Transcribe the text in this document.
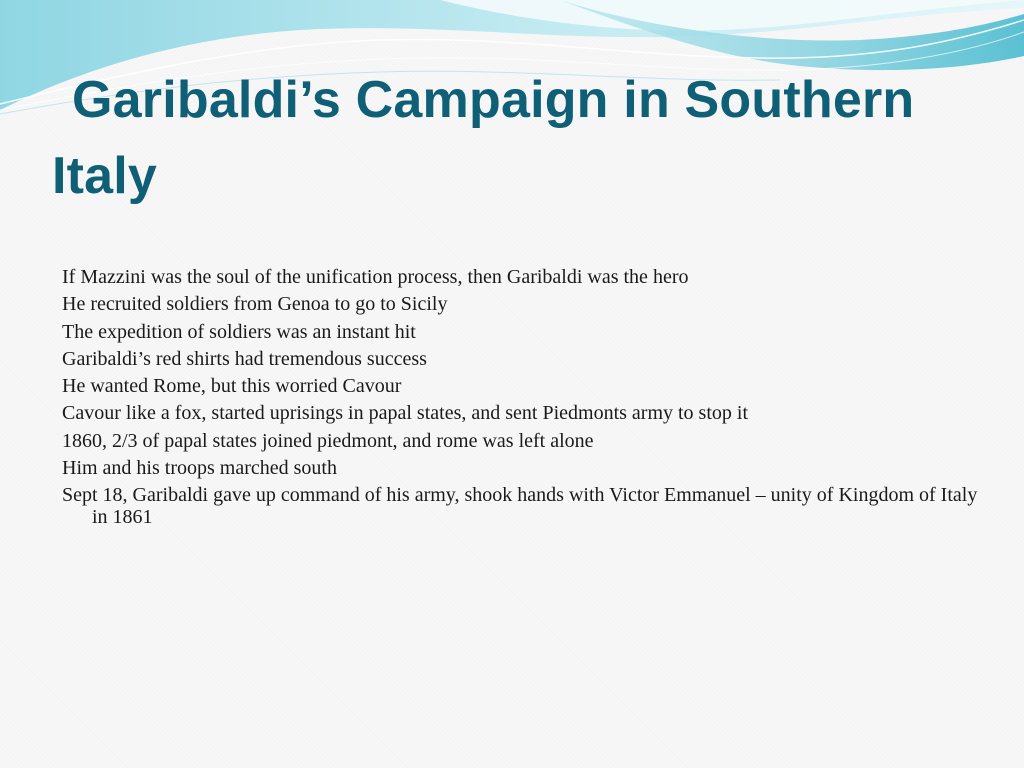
Garibaldi’s Campaign in Southern Italy
If Mazzini was the soul of the unification process, then Garibaldi was the hero
He recruited soldiers from Genoa to go to Sicily
The expedition of soldiers was an instant hit
Garibaldi’s red shirts had tremendous success
He wanted Rome, but this worried Cavour
Cavour like a fox, started uprisings in papal states, and sent Piedmonts army to stop it
1860, 2/3 of papal states joined piedmont, and rome was left alone
Him and his troops marched south
Sept 18, Garibaldi gave up command of his army, shook hands with Victor Emmanuel – unity of Kingdom of Italy in 1861
